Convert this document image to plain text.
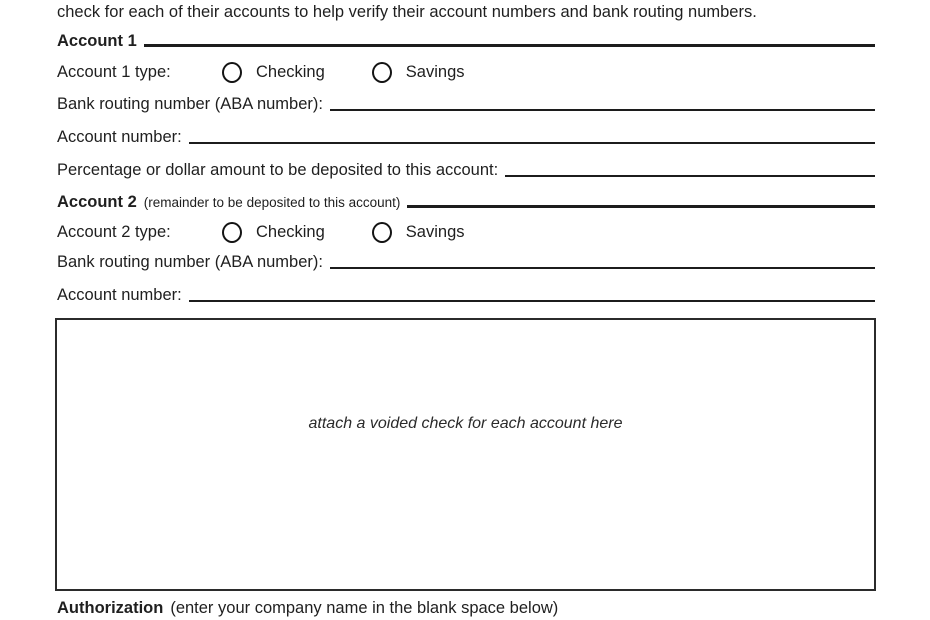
check for each of their accounts to help verify their account numbers and bank routing numbers.
Account 1
Account 1 type:	Checking	Savings
Bank routing number (ABA number):
Account number:
Percentage or dollar amount to be deposited to this account:
Account 2 (remainder to be deposited to this account)
Account 2 type:	Checking	Savings
Bank routing number (ABA number):
Account number:
attach a voided check for each account here
Authorization (enter your company name in the blank space below)
